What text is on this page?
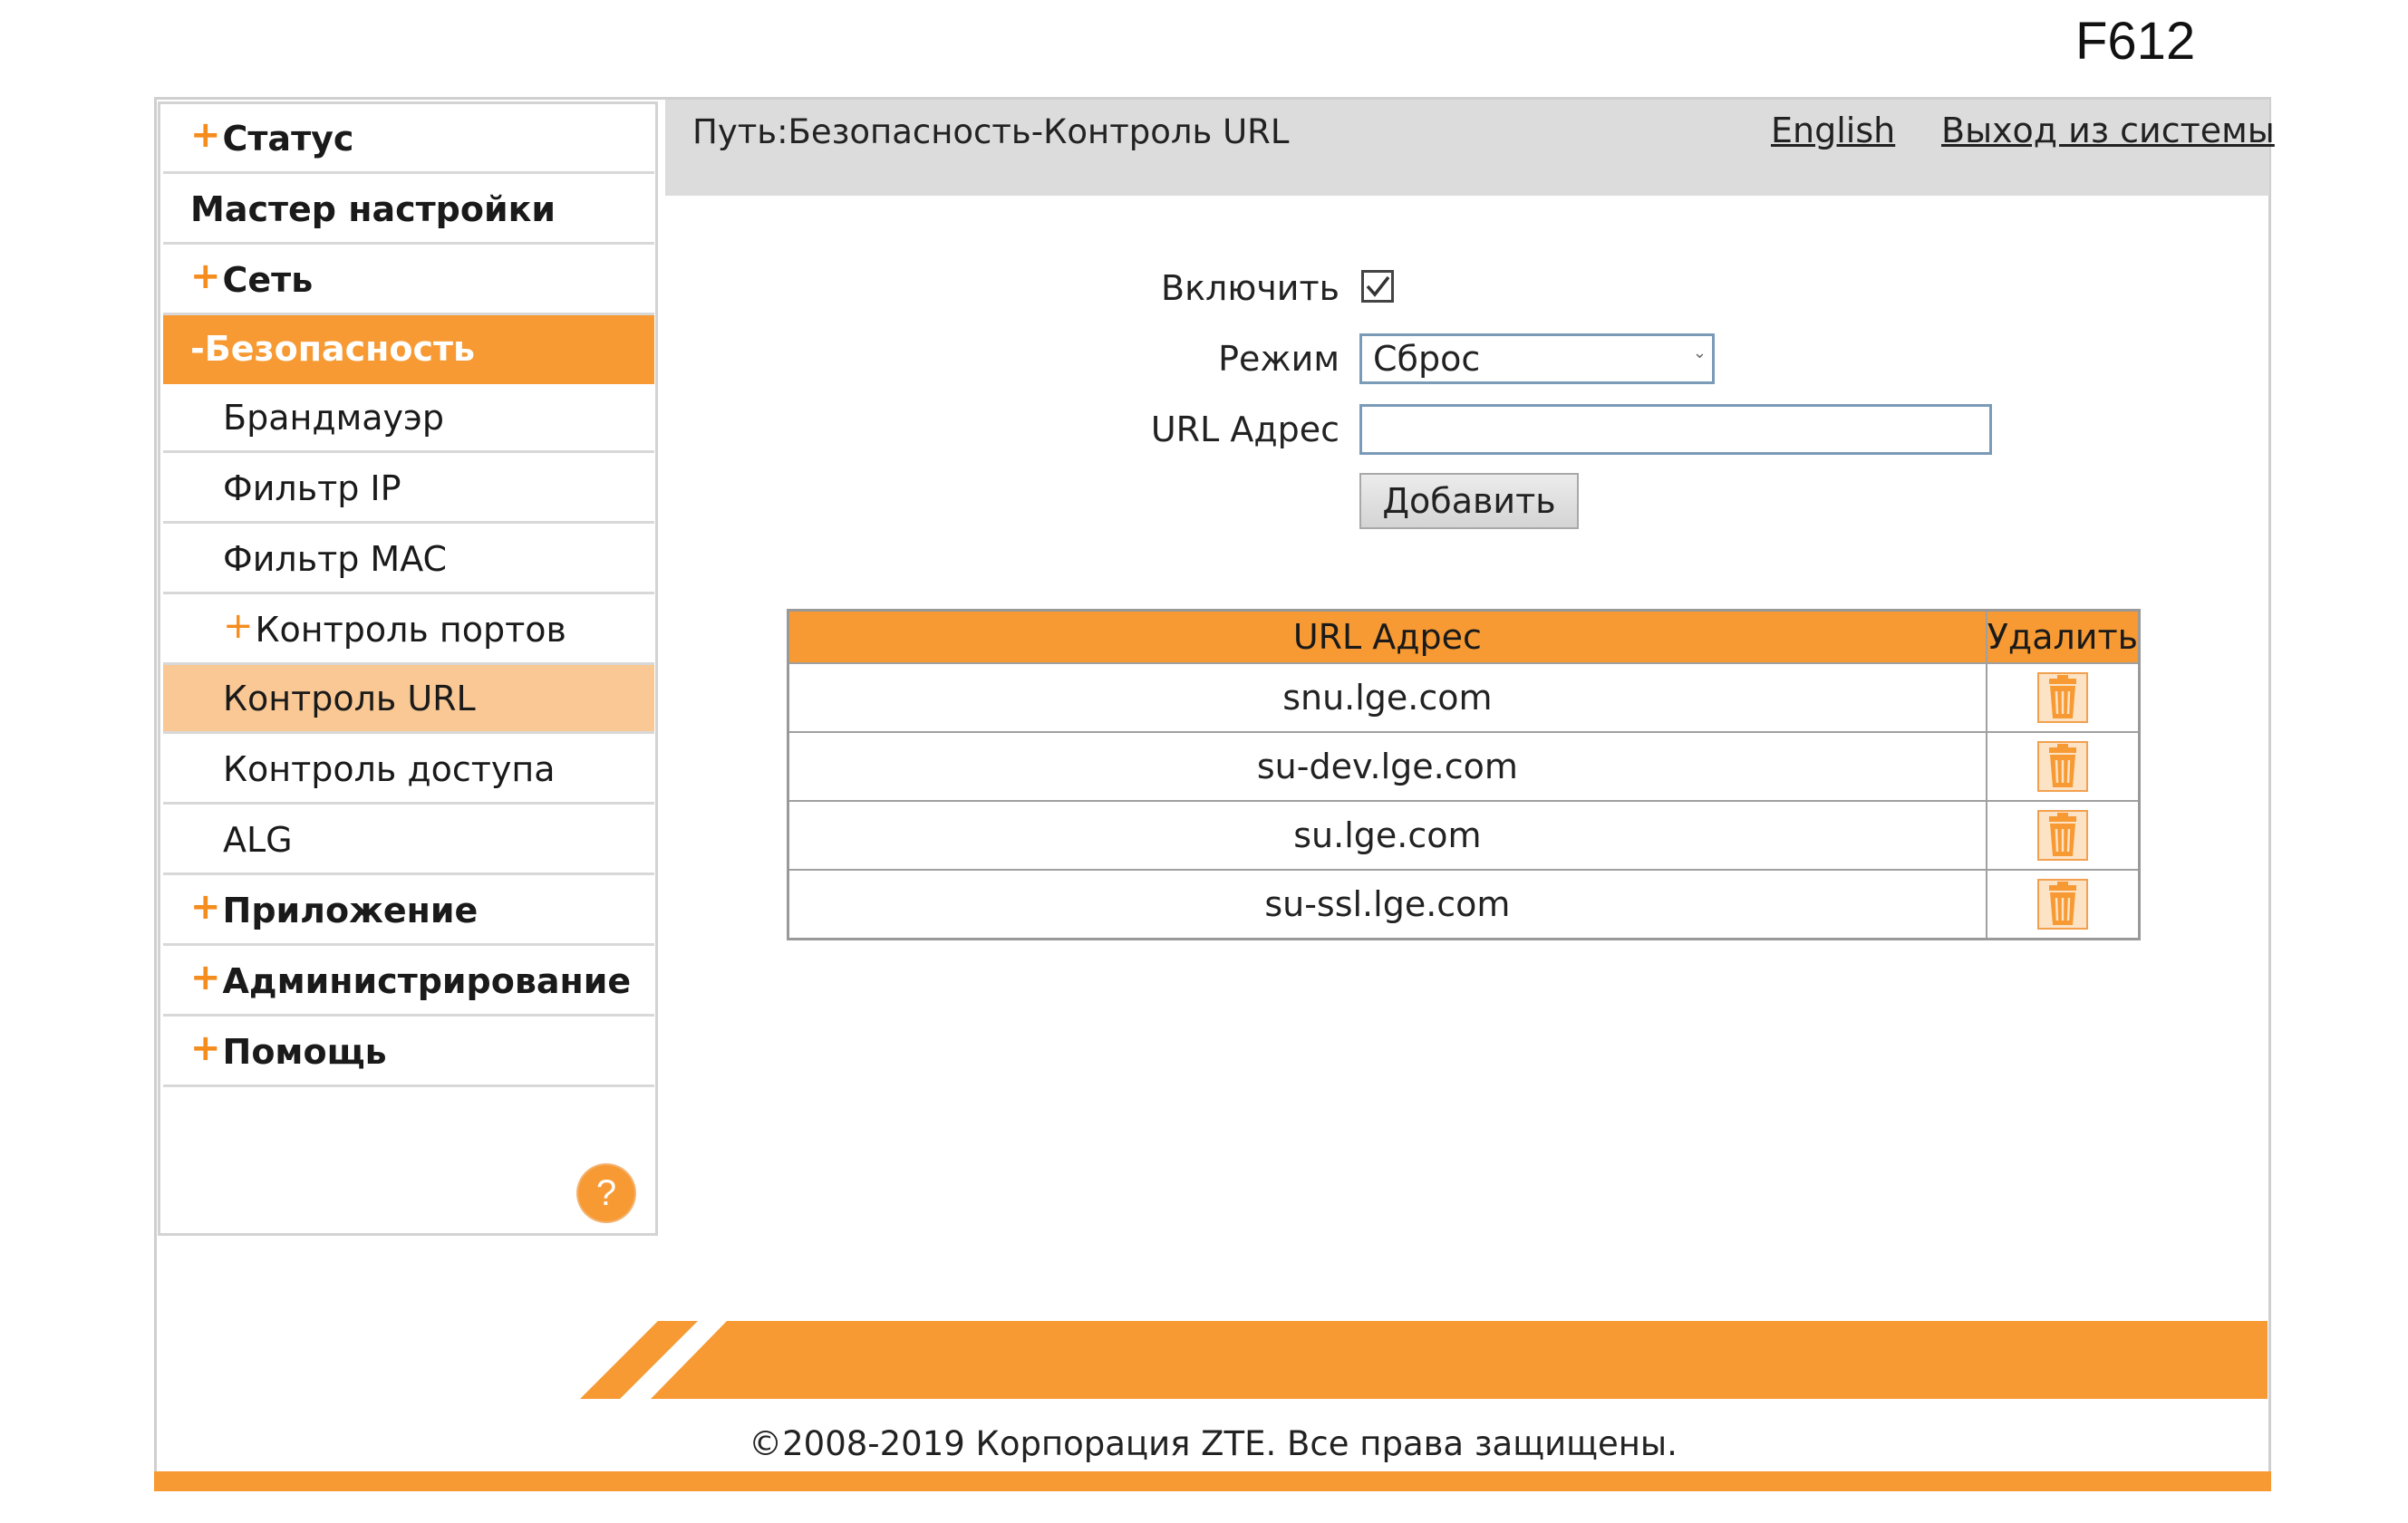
F612
+ Статус
Мастер настройки
+ Сеть
-Безопасность
Брандмауэр
Фильтр IP
Фильтр MAC
+ Контроль портов
Контроль URL
Контроль доступа
ALG
+ Приложение
+ Администрирование
+ Помощь
?
Путь:Безопасность-Контроль URL	English Выход из системы
Включить
Режим Сброс	⌄
URL Адрес
Добавить
URL Адрес	Удалить
snu.lge.com	
su-dev.lge.com	
su.lge.com	
su-ssl.lge.com	
©2008-2019 Корпорация ZTE. Все права защищены.
